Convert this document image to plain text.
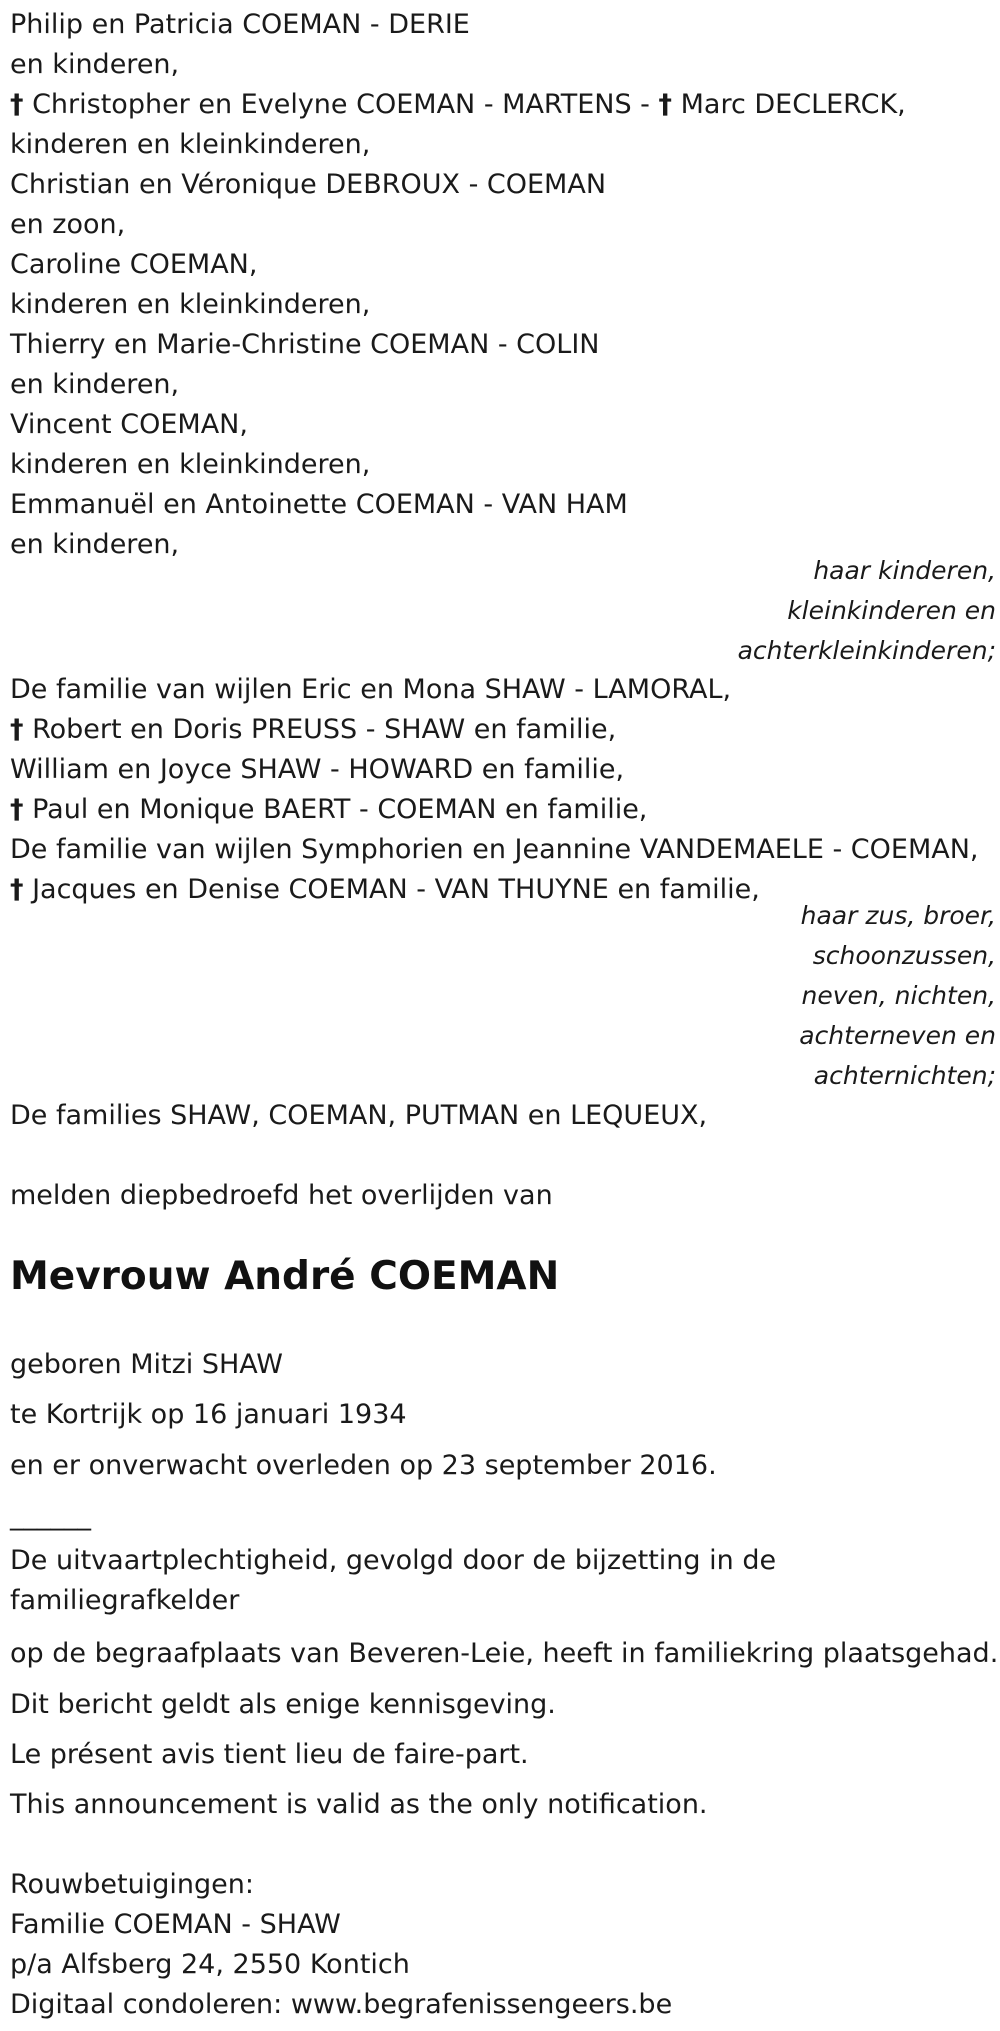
Philip en Patricia COEMAN - DERIE
en kinderen,
† Christopher en Evelyne COEMAN - MARTENS - † Marc DECLERCK,
kinderen en kleinkinderen,
Christian en Véronique DEBROUX - COEMAN
en zoon,
Caroline COEMAN,
kinderen en kleinkinderen,
Thierry en Marie-Christine COEMAN - COLIN
en kinderen,
Vincent COEMAN,
kinderen en kleinkinderen,
Emmanuël en Antoinette COEMAN - VAN HAM
en kinderen,
haar kinderen,
kleinkinderen en
achterkleinkinderen;
De familie van wijlen Eric en Mona SHAW - LAMORAL,
† Robert en Doris PREUSS - SHAW en familie,
William en Joyce SHAW - HOWARD en familie,
† Paul en Monique BAERT - COEMAN en familie,
De familie van wijlen Symphorien en Jeannine VANDEMAELE - COEMAN,
† Jacques en Denise COEMAN - VAN THUYNE en familie,
haar zus, broer,
schoonzussen,
neven, nichten,
achterneven en
achternichten;
De families SHAW, COEMAN, PUTMAN en LEQUEUX,
melden diepbedroefd het overlijden van
Mevrouw André COEMAN
geboren Mitzi SHAW
te Kortrijk op 16 januari 1934
en er onverwacht overleden op 23 september 2016.
______
De uitvaartplechtigheid, gevolgd door de bijzetting in de
familiegrafkelder
op de begraafplaats van Beveren-Leie, heeft in familiekring plaatsgehad.
Dit bericht geldt als enige kennisgeving.
Le présent avis tient lieu de faire-part.
This announcement is valid as the only notification.
Rouwbetuigingen:
Familie COEMAN - SHAW
p/a Alfsberg 24, 2550 Kontich
Digitaal condoleren: www.begrafenissengeers.be
